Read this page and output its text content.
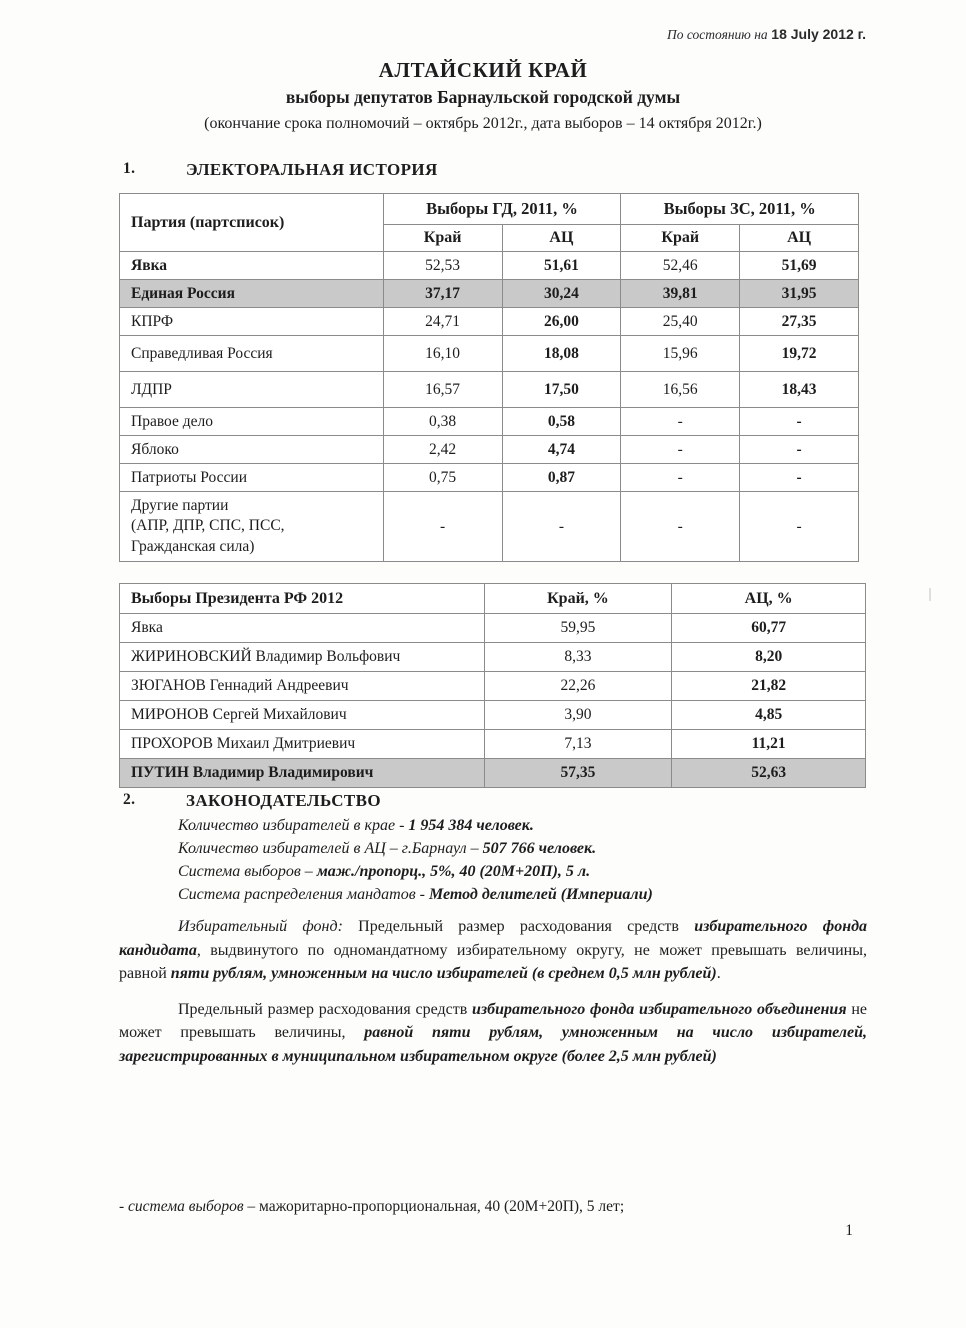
По состоянию на 18 July 2012 г.
АЛТАЙСКИЙ КРАЙ
выборы депутатов Барнаульской городской думы
(окончание срока полномочий – октябрь 2012г., дата выборов – 14 октября 2012г.)
1.	ЭЛЕКТОРАЛЬНАЯ ИСТОРИЯ
Партия (партсписок)	Выборы ГД, 2011, %		Выборы ЗС, 2011, %	
	Край	АЦ	Край	АЦ
Явка	52,53	51,61	52,46	51,69
Единая Россия	37,17	30,24	39,81	31,95
КПРФ	24,71	26,00	25,40	27,35
Справедливая Россия	16,10	18,08	15,96	19,72
ЛДПР	16,57	17,50	16,56	18,43
Правое дело	0,38	0,58	-	-
Яблоко	2,42	4,74	-	-
Патриоты России	0,75	0,87	-	-

Другие партии
(АПР, ДПР, СПС, ПСС,
Гражданская сила)	-	-	-	-
Выборы Президента РФ 2012	Край, %	АЦ, %
Явка	59,95	60,77
ЖИРИНОВСКИЙ Владимир Вольфович	8,33	8,20
ЗЮГАНОВ Геннадий Андреевич	22,26	21,82
МИРОНОВ Сергей Михайлович	3,90	4,85
ПРОХОРОВ Михаил Дмитриевич	7,13	11,21
ПУТИН Владимир Владимирович	57,35	52,63
2.	ЗАКОНОДАТЕЛЬСТВО
Количество избирателей в крае - 1 954 384 человек.
Количество избирателей в АЦ – г.Барнаул – 507 766 человек.
Система выборов – маж./пропорц., 5%, 40 (20М+20П), 5 л.
Система распределения мандатов - Метод делителей (Империали)
Избирательный фонд: Предельный размер расходования средств избирательного фонда кандидата, выдвинутого по одномандатному избирательному округу, не может превышать величины, равной пяти рублям, умноженным на число избирателей (в среднем 0,5 млн рублей).
Предельный размер расходования средств избирательного фонда избирательного объединения не может превышать величины, равной пяти рублям, умноженным на число избирателей, зарегистрированных в муниципальном избирательном округе (более 2,5 млн рублей)
- система выборов – мажоритарно-пропорциональная, 40 (20М+20П), 5 лет;
1
